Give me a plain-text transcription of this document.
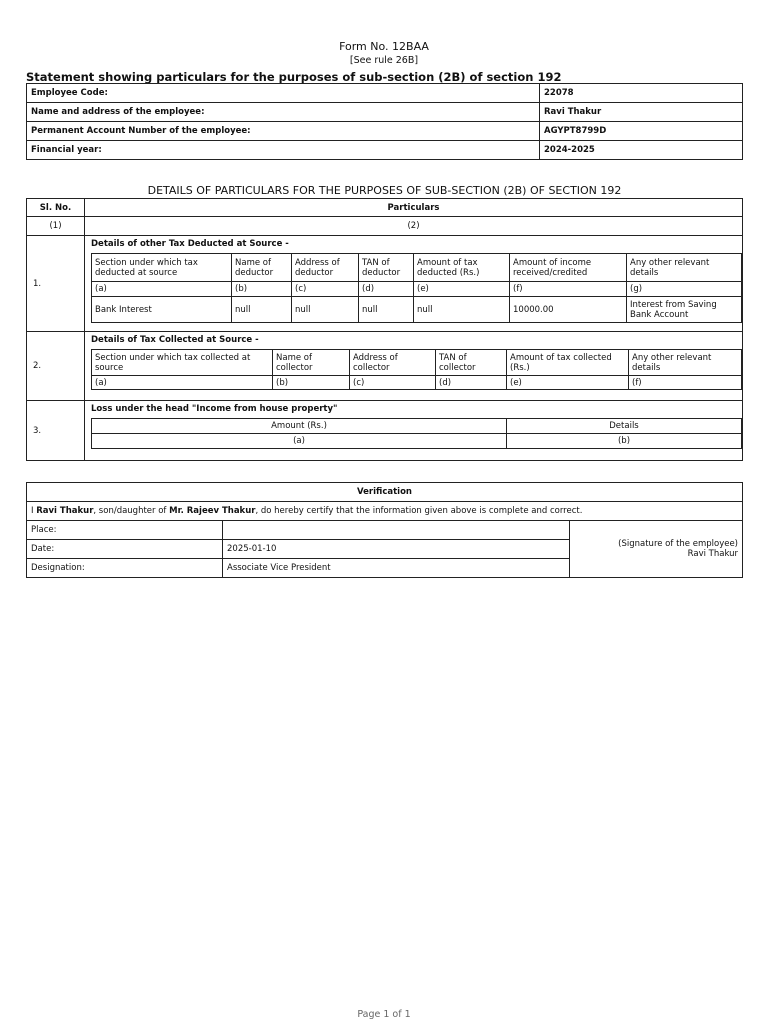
Form No. 12BAA
[See rule 26B]
Statement showing particulars for the purposes of sub-section (2B) of section 192
Employee Code:	22078
Name and address of the employee:	Ravi Thakur
Permanent Account Number of the employee:	AGYPT8799D
Financial year:	2024-2025
DETAILS OF PARTICULARS FOR THE PURPOSES OF SUB-SECTION (2B) OF SECTION 192
Sl. No.	Particulars
(1)	(2)
1.	
Details of other Tax Deducted at Source -
Section under which tax deducted at source	Name of deductor	Address of deductor	TAN of deductor	Amount of tax deducted (Rs.)	Amount of income received/credited	Any other relevant details
(a)	(b)	(c)	(d)	(e)	(f)	(g)
Bank Interest	null	null	null	null	10000.00	Interest from Saving Bank Account

2.	
Details of Tax Collected at Source -
Section under which tax collected at source	Name of collector	Address of collector	TAN of collector	Amount of tax collected (Rs.)	Any other relevant details
(a)	(b)	(c)	(d)	(e)	(f)

3.	
Loss under the head "Income from house property"
Amount (Rs.)	Details
(a)	(b)
Verification		
I Ravi Thakur, son/daughter of Mr. Rajeev Thakur, do hereby certify that the information given above is complete and correct.		
Place:		(Signature of the employee)
Ravi Thakur

Date:	2025-01-10	
Designation:	Associate Vice President	
Page 1 of 1
